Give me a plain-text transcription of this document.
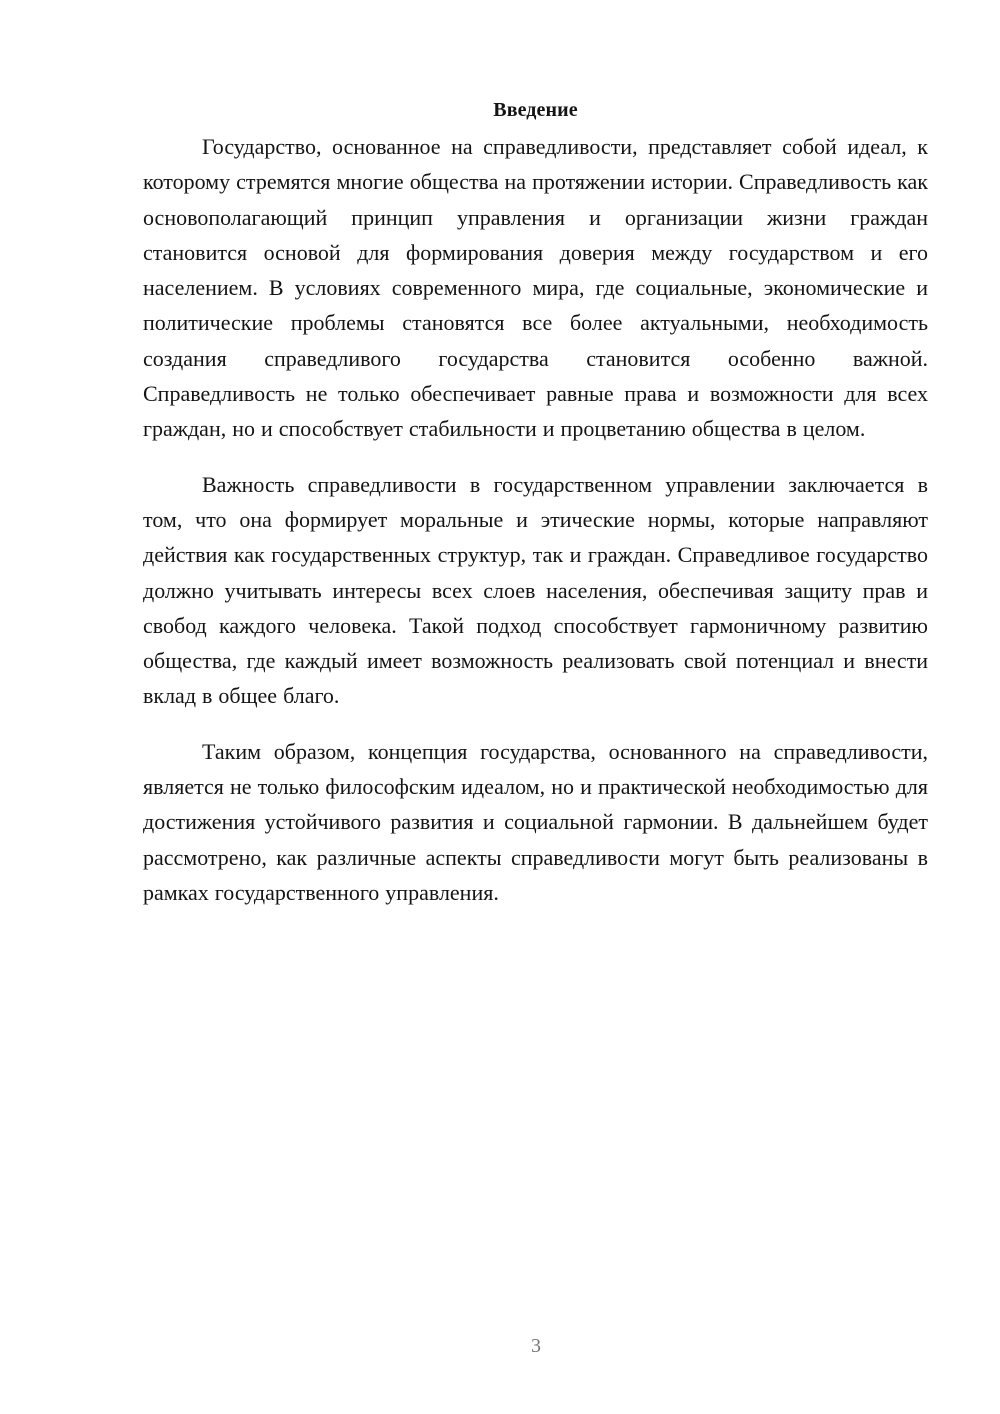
Введение

Государство, основанное на справедливости, представляет собой идеал, к которому стремятся многие общества на протяжении истории. Справедливость как основополагающий принцип управления и организации жизни граждан становится основой для формирования доверия между государством и его населением. В условиях современного мира, где социальные, экономические и политические проблемы становятся все более актуальными, необходимость создания справедливого государства становится особенно важной. Справедливость не только обеспечивает равные права и возможности для всех граждан, но и способствует стабильности и процветанию общества в целом.

Важность справедливости в государственном управлении заключается в том, что она формирует моральные и этические нормы, которые направляют действия как государственных структур, так и граждан. Справедливое государство должно учитывать интересы всех слоев населения, обеспечивая защиту прав и свобод каждого человека. Такой подход способствует гармоничному развитию общества, где каждый имеет возможность реализовать свой потенциал и внести вклад в общее благо.

Таким образом, концепция государства, основанного на справедливости, является не только философским идеалом, но и практической необходимостью для достижения устойчивого развития и социальной гармонии. В дальнейшем будет рассмотрено, как различные аспекты справедливости могут быть реализованы в рамках государственного управления.

3
